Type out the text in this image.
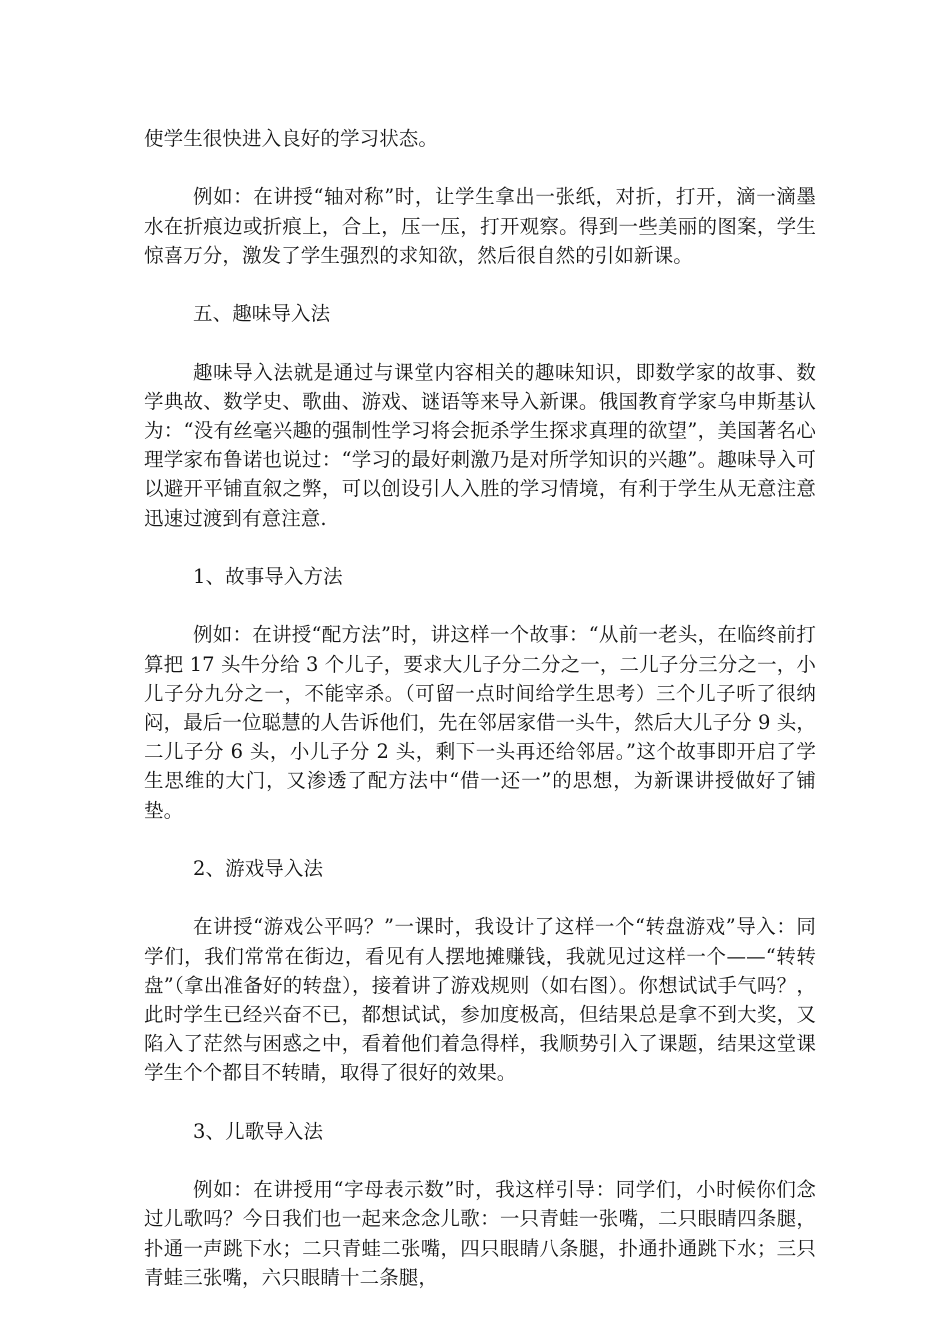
使学生很快进入良好的学习状态。

例如：在讲授“轴对称”时，让学生拿出一张纸，对折，打开，滴一滴墨水在折痕边或折痕上，合上，压一压，打开观察。得到一些美丽的图案，学生惊喜万分，激发了学生强烈的求知欲，然后很自然的引如新课。

五、趣味导入法

趣味导入法就是通过与课堂内容相关的趣味知识，即数学家的故事、数学典故、数学史、歌曲、游戏、谜语等来导入新课。俄国教育学家乌申斯基认为：“没有丝毫兴趣的强制性学习将会扼杀学生探求真理的欲望”，美国著名心理学家布鲁诺也说过：“学习的最好刺激乃是对所学知识的兴趣”。趣味导入可以避开平铺直叙之弊，可以创设引人入胜的学习情境，有利于学生从无意注意迅速过渡到有意注意.

1、故事导入方法

例如：在讲授“配方法”时，讲这样一个故事：“从前一老头，在临终前打算把 17 头牛分给 3 个儿子，要求大儿子分二分之一，二儿子分三分之一，小儿子分九分之一，不能宰杀。（可留一点时间给学生思考）三个儿子听了很纳闷，最后一位聪慧的人告诉他们，先在邻居家借一头牛，然后大儿子分 9 头，二儿子分 6 头，小儿子分 2 头，剩下一头再还给邻居。”这个故事即开启了学生思维的大门，又渗透了配方法中“借一还一”的思想，为新课讲授做好了铺垫。

2、游戏导入法

在讲授“游戏公平吗？”一课时，我设计了这样一个“转盘游戏”导入：同学们，我们常常在街边，看见有人摆地摊赚钱，我就见过这样一个——“转转盘”（拿出准备好的转盘），接着讲了游戏规则（如右图）。你想试试手气吗？，此时学生已经兴奋不已，都想试试，参加度极高，但结果总是拿不到大奖，又陷入了茫然与困惑之中，看着他们着急得样，我顺势引入了课题，结果这堂课学生个个都目不转睛，取得了很好的效果。

3、儿歌导入法

例如：在讲授用“字母表示数”时，我这样引导：同学们，小时候你们念过儿歌吗？今日我们也一起来念念儿歌：一只青蛙一张嘴，二只眼睛四条腿，扑通一声跳下水；二只青蛙二张嘴，四只眼睛八条腿，扑通扑通跳下水；三只青蛙三张嘴，六只眼睛十二条腿，
